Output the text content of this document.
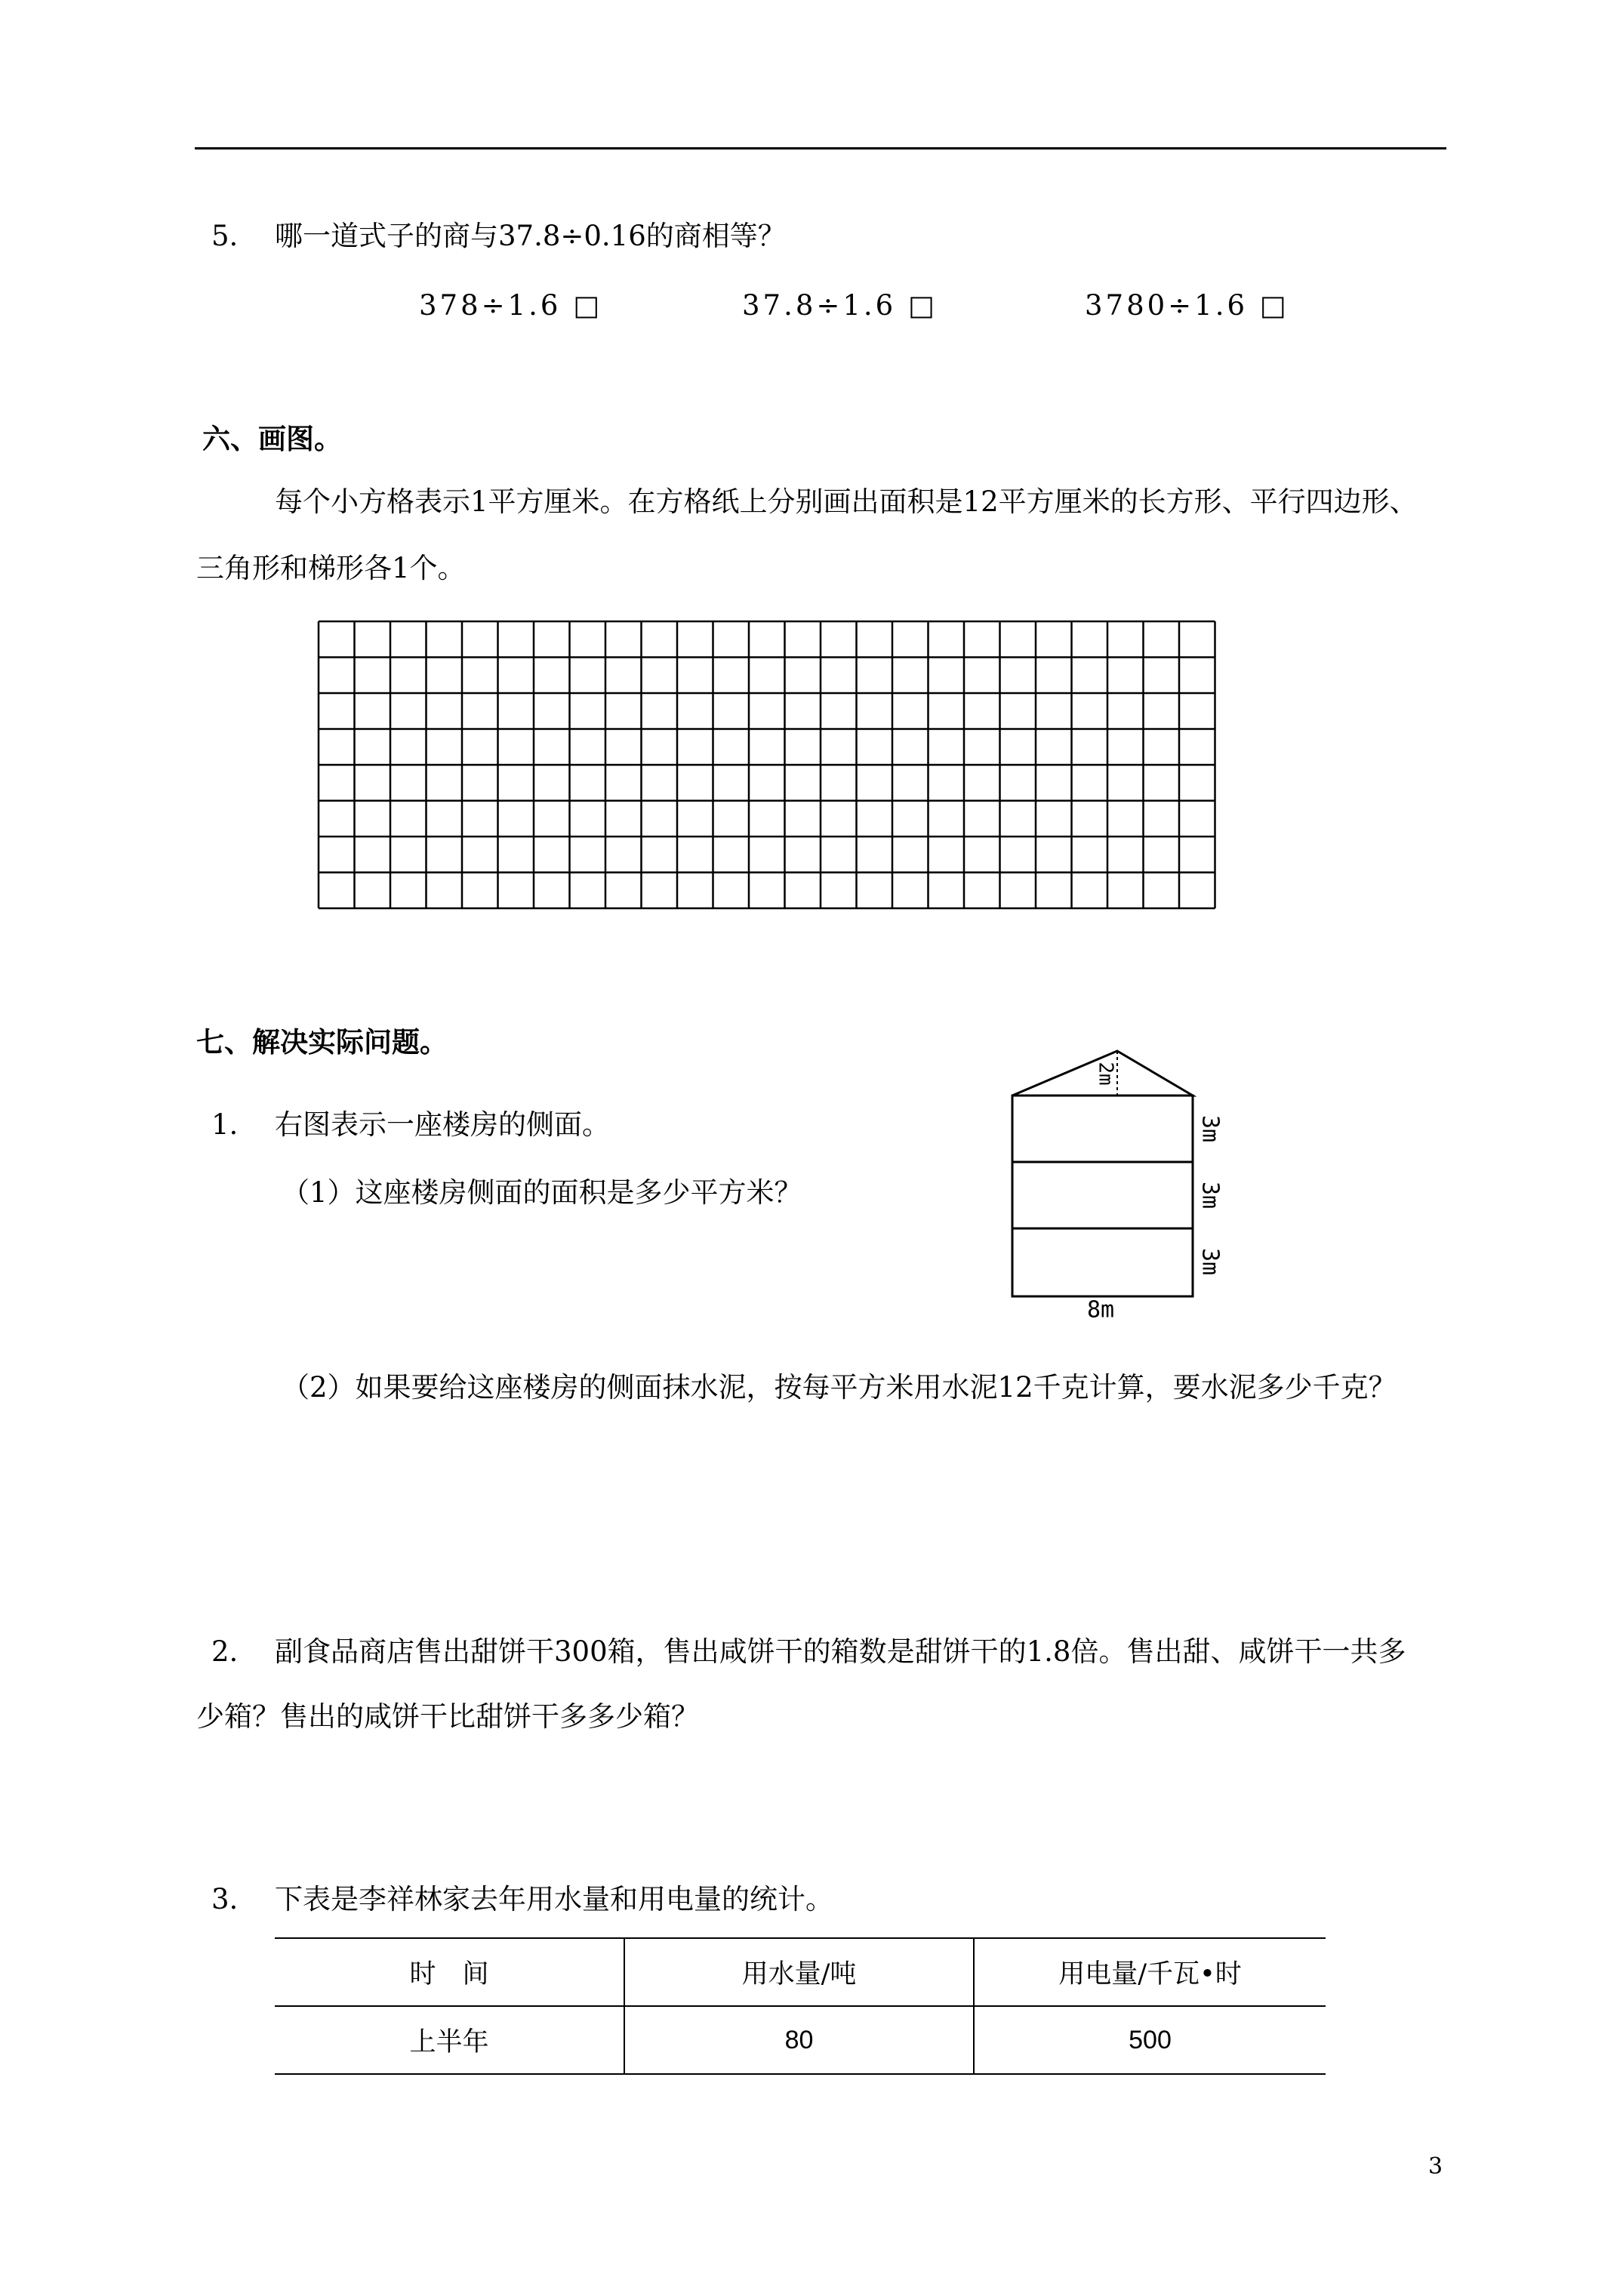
5. 哪一道式子的商与37.8÷0.16的商相等？
378÷1.6 □	37.8÷1.6 □	3780÷1.6 □
六、画图。
每个小方格表示1平方厘米。在方格纸上分别画出面积是12平方厘米的长方形、平行四边形、
三角形和梯形各1个。
七、解决实际问题。
1. 右图表示一座楼房的侧面。
（1）这座楼房侧面的面积是多少平方米？
2m
3m
3m
3m
8m
（2）如果要给这座楼房的侧面抹水泥，按每平方米用水泥12千克计算，要水泥多少千克？
2. 副食品商店售出甜饼干300箱，售出咸饼干的箱数是甜饼干的1.8倍。售出甜、咸饼干一共多
少箱？售出的咸饼干比甜饼干多多少箱？
3. 下表是李祥林家去年用水量和用电量的统计。
时　间	用水量/吨	用电量/千瓦•时
上半年	80	500
3
